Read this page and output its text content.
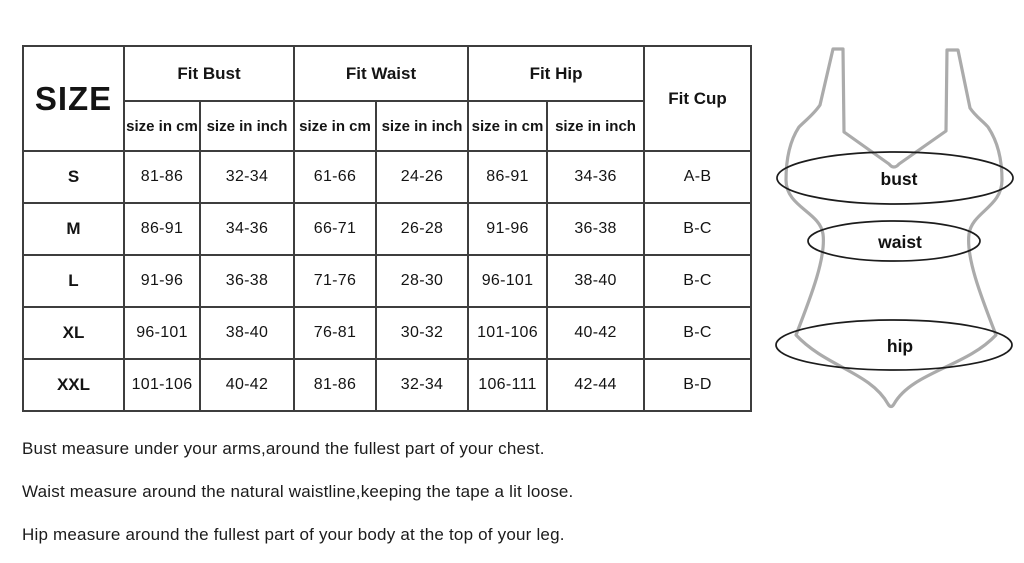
SIZE	Fit Bust		Fit Waist		Fit Hip		Fit Cup
	size in cm	size in inch	size in cm	size in inch	size in cm	size in inch	
S	81-86	32-34	61-66	24-26	86-91	34-36	A-B
M	86-91	34-36	66-71	26-28	91-96	36-38	B-C
L	91-96	36-38	71-76	28-30	96-101	38-40	B-C
XL	96-101	38-40	76-81	30-32	101-106	40-42	B-C
XXL	101-106	40-42	81-86	32-34	106-111	42-44	B-D
Bust measure under your arms,around the fullest part of your chest.
Waist measure around the natural waistline,keeping the tape a lit loose.
Hip measure around the fullest part of your body at the top of your leg.
bust
waist
hip
